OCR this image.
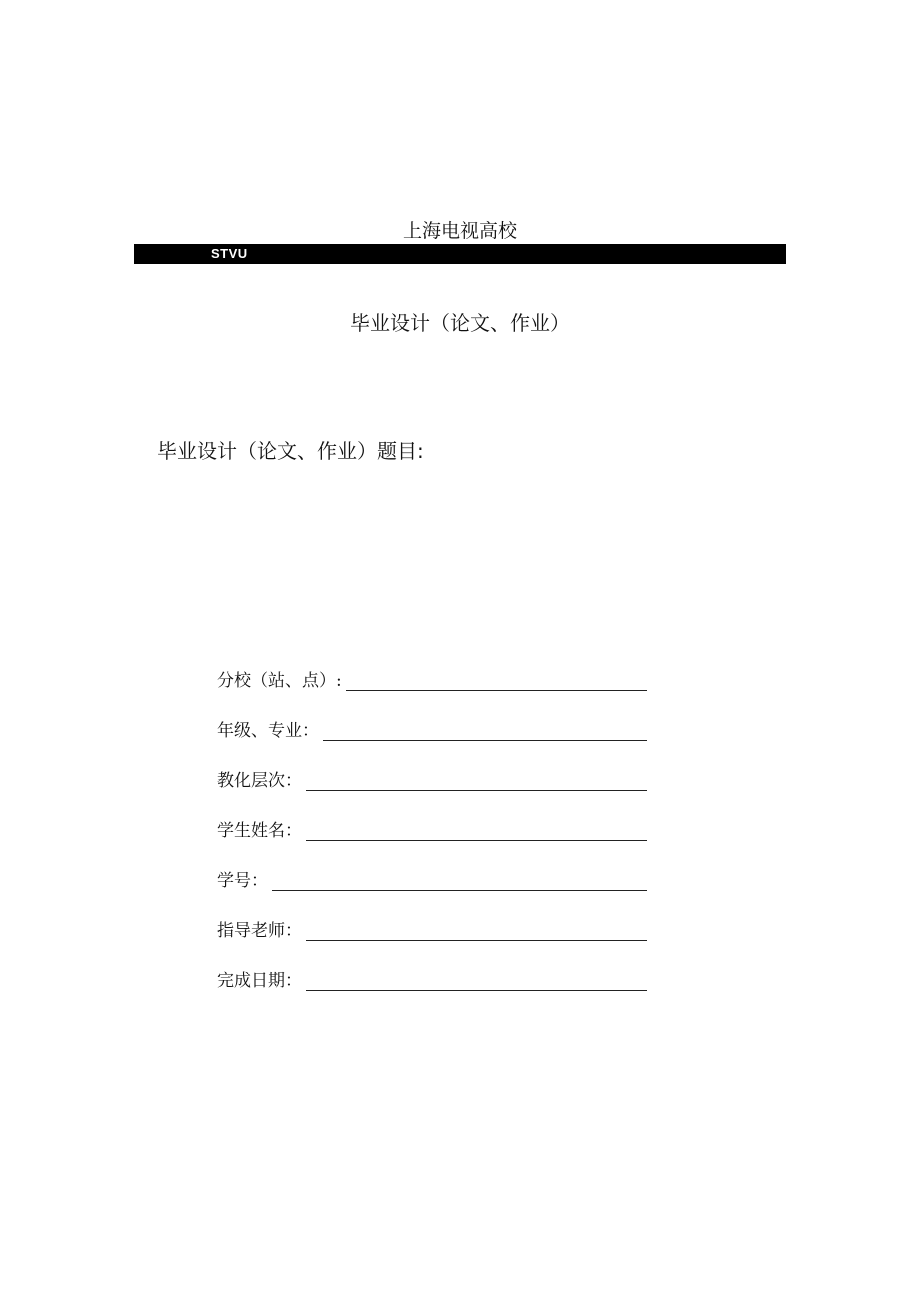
上海电视高校
STVU
毕业设计（论文、作业）
毕业设计（论文、作业）题目:
分校（站、点）:
年级、专业：
教化层次：
学生姓名：
学号：
指导老师：
完成日期：
